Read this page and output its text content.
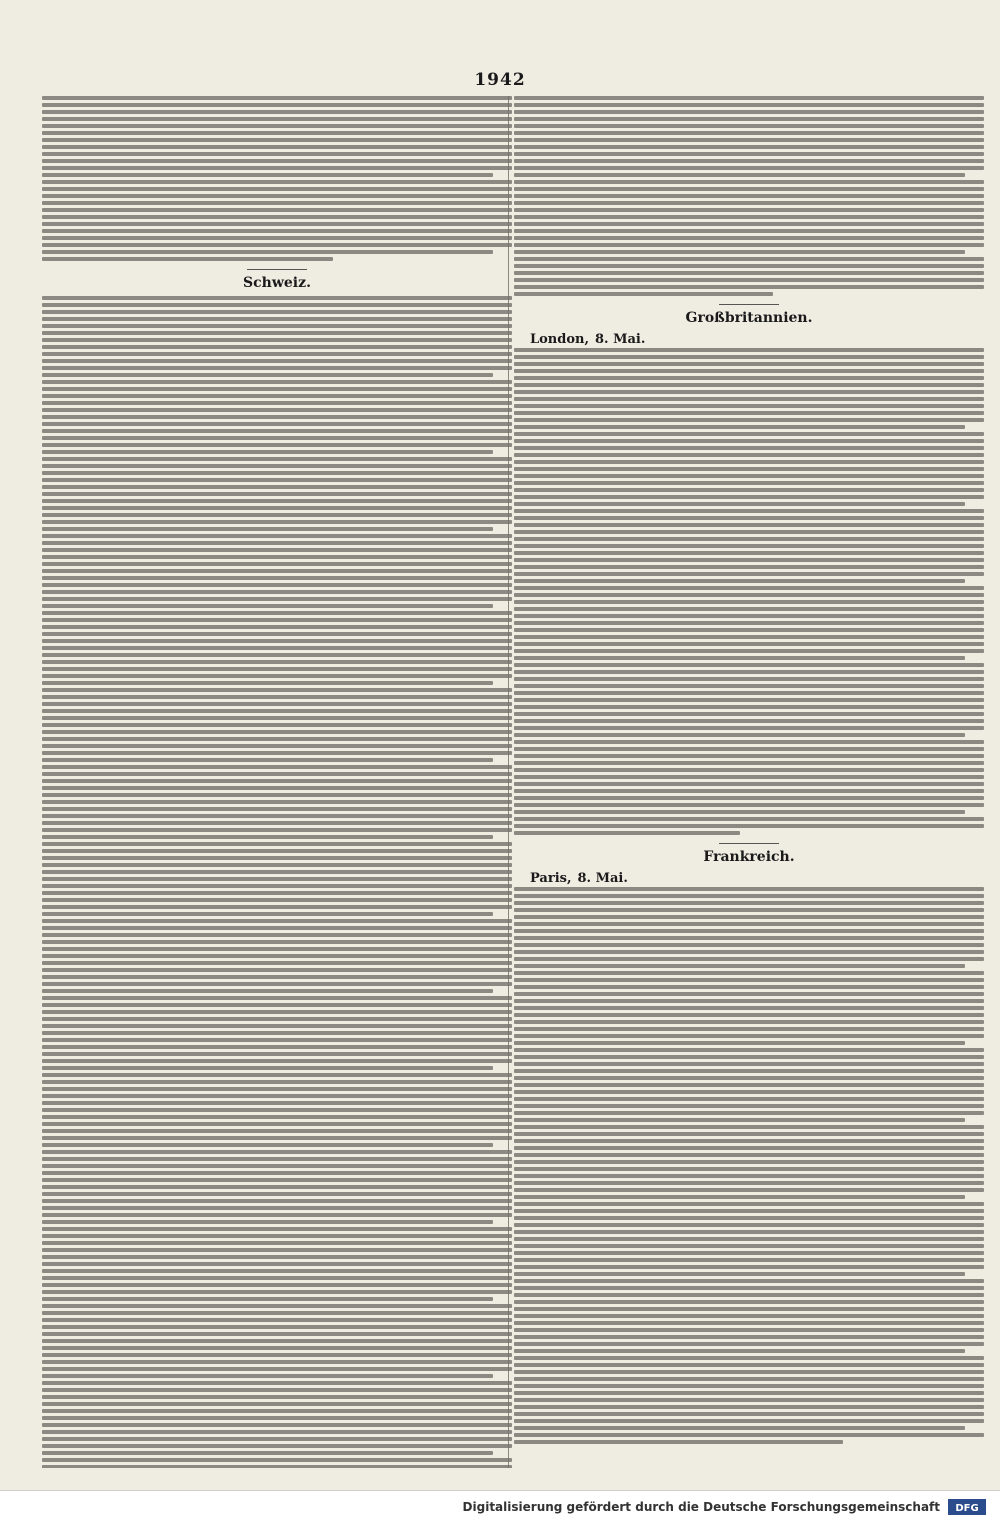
1942
Schweiz.
Großbritannien.
London, 8. Mai.
Frankreich.
Paris, 8. Mai.
Digitalisierung gefördert durch die Deutsche Forschungsgemeinschaft DFG
